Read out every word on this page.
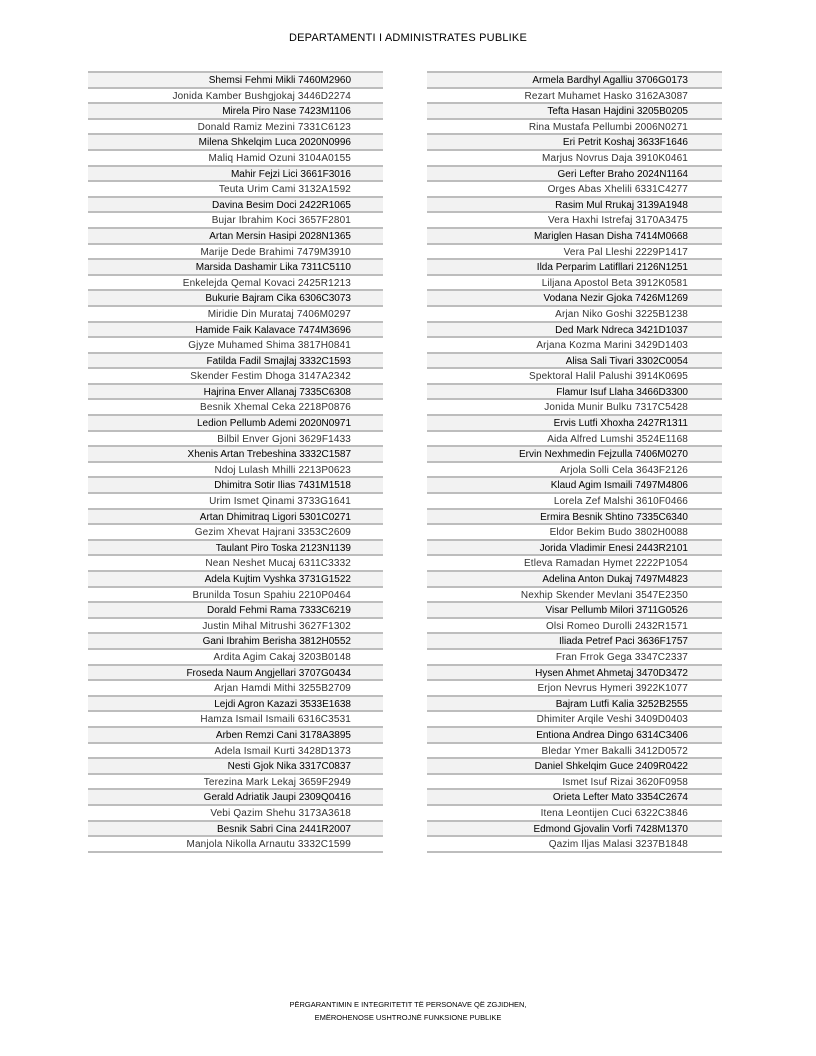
DEPARTAMENTI I ADMINISTRATES PUBLIKE
Shemsi Fehmi Mikli 7460M2960
Jonida Kamber Bushgjokaj 3446D2274
Mirela Piro Nase 7423M1106
Donald Ramiz Mezini 7331C6123
Milena Shkelqim Luca 2020N0996
Maliq Hamid Ozuni 3104A0155
Mahir Fejzi Lici 3661F3016
Teuta Urim Cami 3132A1592
Davina Besim Doci 2422R1065
Bujar Ibrahim Koci 3657F2801
Artan Mersin Hasipi 2028N1365
Marije Dede Brahimi 7479M3910
Marsida Dashamir Lika 7311C5110
Enkelejda Qemal Kovaci 2425R1213
Bukurie Bajram Cika 6306C3073
Miridie Din Murataj 7406M0297
Hamide Faik Kalavace 7474M3696
Gjyze Muhamed Shima 3817H0841
Fatilda Fadil Smajlaj 3332C1593
Skender Festim Dhoga 3147A2342
Hajrina Enver Allanaj 7335C6308
Besnik Xhemal Ceka 2218P0876
Ledion Pellumb Ademi 2020N0971
Bilbil Enver Gjoni 3629F1433
Xhenis Artan Trebeshina 3332C1587
Ndoj Lulash Mhilli 2213P0623
Dhimitra Sotir Ilias 7431M1518
Urim Ismet Qinami 3733G1641
Artan Dhimitraq Ligori 5301C0271
Gezim Xhevat Hajrani 3353C2609
Taulant Piro Toska 2123N1139
Nean Neshet Mucaj 6311C3332
Adela Kujtim Vyshka 3731G1522
Brunilda Tosun Spahiu 2210P0464
Dorald Fehmi Rama 7333C6219
Justin Mihal Mitrushi 3627F1302
Gani Ibrahim Berisha 3812H0552
Ardita Agim Cakaj 3203B0148
Froseda Naum Angjellari 3707G0434
Arjan Hamdi Mithi 3255B2709
Lejdi Agron Kazazi 3533E1638
Hamza Ismail Ismaili 6316C3531
Arben Remzi Cani 3178A3895
Adela Ismail Kurti 3428D1373
Nesti Gjok Nika 3317C0837
Terezina Mark Lekaj 3659F2949
Gerald Adriatik Jaupi 2309Q0416
Vebi Qazim Shehu 3173A3618
Besnik Sabri Cina 2441R2007
Manjola Nikolla Arnautu 3332C1599
Armela Bardhyl Agalliu 3706G0173
Rezart Muhamet Hasko 3162A3087
Tefta Hasan Hajdini 3205B0205
Rina Mustafa Pellumbi 2006N0271
Eri Petrit Koshaj 3633F1646
Marjus Novrus Daja 3910K0461
Geri Lefter Braho 2024N1164
Orges Abas Xhelili 6331C4277
Rasim Mul Rrukaj 3139A1948
Vera Haxhi Istrefaj 3170A3475
Mariglen Hasan Disha 7414M0668
Vera Pal Lleshi 2229P1417
Ilda Perparim Latifllari 2126N1251
Liljana Apostol Beta 3912K0581
Vodana Nezir Gjoka 7426M1269
Arjan Niko Goshi 3225B1238
Ded Mark Ndreca 3421D1037
Arjana Kozma Marini 3429D1403
Alisa Sali Tivari 3302C0054
Spektoral Halil Palushi 3914K0695
Flamur Isuf Llaha 3466D3300
Jonida Munir Bulku 7317C5428
Ervis Lutfi Xhoxha 2427R1311
Aida Alfred Lumshi 3524E1168
Ervin Nexhmedin Fejzulla 7406M0270
Arjola Solli Cela 3643F2126
Klaud Agim Ismaili 7497M4806
Lorela Zef Malshi 3610F0466
Ermira Besnik Shtino 7335C6340
Eldor Bekim Budo 3802H0088
Jorida Vladimir Enesi 2443R2101
Etleva Ramadan Hymet 2222P1054
Adelina Anton Dukaj 7497M4823
Nexhip Skender Mevlani 3547E2350
Visar Pellumb Milori 3711G0526
Olsi Romeo Durolli 2432R1571
Iliada Petref Paci 3636F1757
Fran Frrok Gega 3347C2337
Hysen Ahmet Ahmetaj 3470D3472
Erjon Nevrus Hymeri 3922K1077
Bajram Lutfi Kalia 3252B2555
Dhimiter Arqile Veshi 3409D0403
Entiona Andrea Dingo 6314C3406
Bledar Ymer Bakalli 3412D0572
Daniel Shkelqim Guce 2409R0422
Ismet Isuf Rizai 3620F0958
Orieta Lefter Mato 3354C2674
Itena Leontijen Cuci 6322C3846
Edmond Gjovalin Vorfi 7428M1370
Qazim Iljas Malasi 3237B1848
PËRGARANTIMIN E INTEGRITETIT TË PERSONAVE QË ZGJIDHEN,
EMËROHENOSE USHTROJNË FUNKSIONE PUBLIKE
